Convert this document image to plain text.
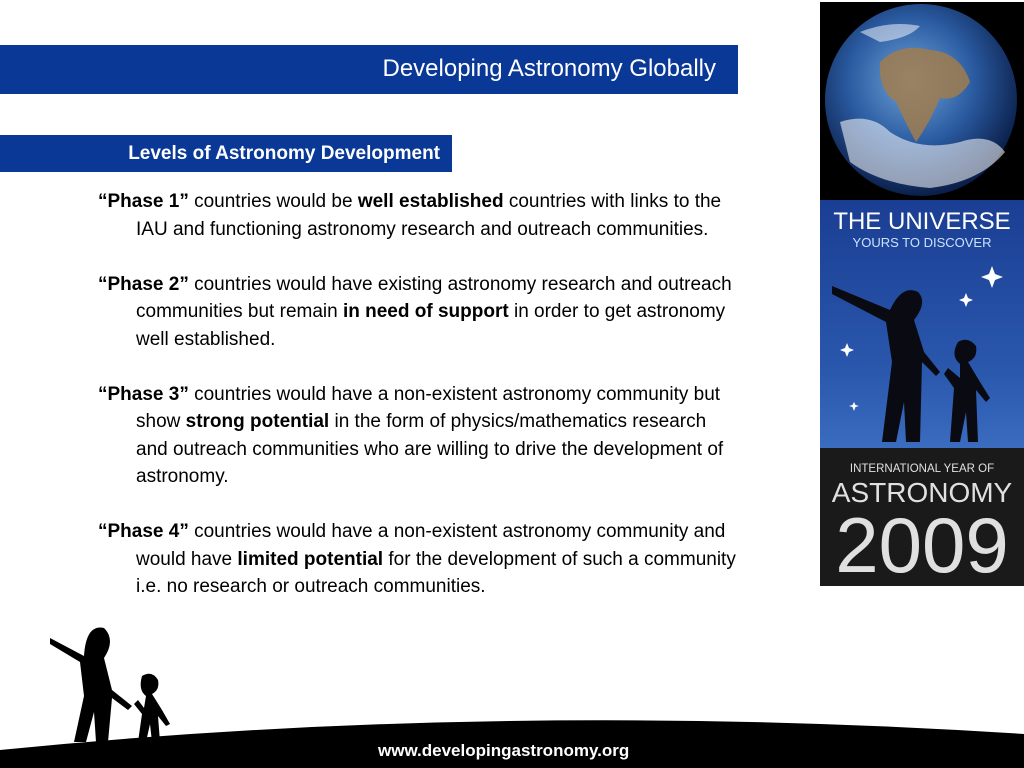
Developing Astronomy Globally
Levels of Astronomy Development

“Phase 1” countries would be well established countries with links to the IAU and functioning astronomy research and outreach communities.

“Phase 2” countries would have existing astronomy research and outreach communities but remain in need of support in order to get astronomy well established.

“Phase 3” countries would have a non-existent astronomy community but show strong potential in the form of physics/mathematics research and outreach communities who are willing to drive the development of astronomy.

“Phase 4” countries would have a non-existent astronomy community and would have limited potential for the development of such a community i.e. no research or outreach communities.

THE UNIVERSE
YOURS TO DISCOVER
INTERNATIONAL YEAR OF
ASTRONOMY
2009
www.developingastronomy.org
